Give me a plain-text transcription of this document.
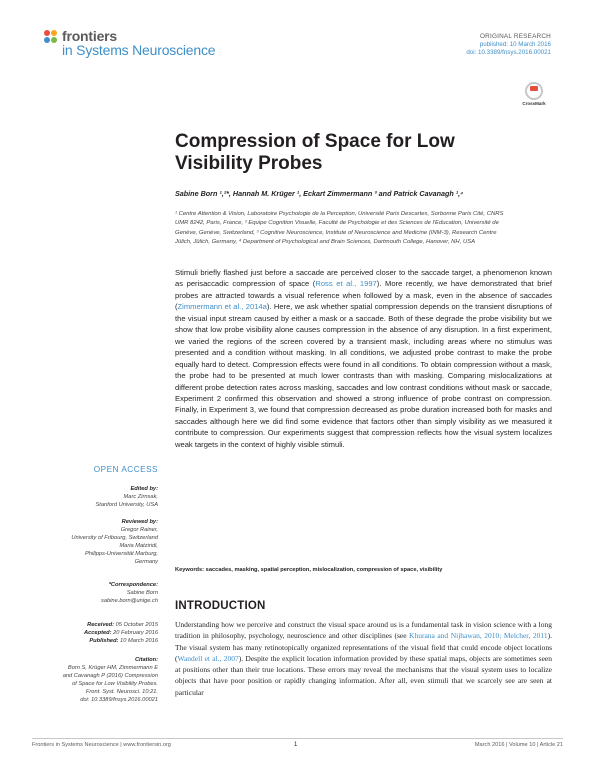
frontiers
in Systems Neuroscience
ORIGINAL RESEARCH
published: 10 March 2016
doi: 10.3389/fnsys.2016.00021
CrossMark
Compression of Space for Low
Visibility Probes
Sabine Born ¹,²*, Hannah M. Krüger ¹, Eckart Zimmermann ³ and Patrick Cavanagh ¹,⁴
¹ Centre Attention & Vision, Laboratoire Psychologie de la Perception, Université Paris Descartes, Sorbonne Paris Cité, CNRS
UMR 8242, Paris, France, ² Equipe Cognition Visuelle, Faculté de Psychologie et des Sciences de l'Education, Université de
Genève, Genève, Switzerland, ³ Cognitive Neuroscience, Institute of Neuroscience and Medicine (INM-3), Research Centre
Jülich, Jülich, Germany, ⁴ Department of Psychological and Brain Sciences, Dartmouth College, Hanover, NH, USA
Stimuli briefly flashed just before a saccade are perceived closer to the saccade target, a phenomenon known as perisaccadic compression of space (Ross et al., 1997). More recently, we have demonstrated that brief probes are attracted towards a visual reference when followed by a mask, even in the absence of saccades (Zimmermann et al., 2014a). Here, we ask whether spatial compression depends on the transient disruptions of the visual input stream caused by either a mask or a saccade. Both of these degrade the probe visibility but we show that low probe visibility alone causes compression in the absence of any disruption. In a first experiment, we varied the regions of the screen covered by a transient mask, including areas where no stimulus was presented and a condition without masking. In all conditions, we adjusted probe contrast to make the probe equally hard to detect. Compression effects were found in all conditions. To obtain compression without a mask, the probe had to be presented at much lower contrasts than with masking. Comparing mislocalizations at different probe detection rates across masking, saccades and low contrast conditions without mask or saccade, Experiment 2 confirmed this observation and showed a strong influence of probe contrast on compression. Finally, in Experiment 3, we found that compression decreased as probe duration increased both for masks and saccades although here we did find some evidence that factors other than simply visibility as we measured it contribute to compression. Our experiments suggest that compression reflects how the visual system localizes weak targets in the context of highly visible stimuli.
Keywords: saccades, masking, spatial perception, mislocalization, compression of space, visibility
INTRODUCTION
Understanding how we perceive and construct the visual space around us is a fundamental task in vision science with a long tradition in philosophy, psychology, neuroscience and other disciplines (see Khurana and Nijhawan, 2010; Melcher, 2011). The visual system has many retinotopically organized representations of the visual field that could encode object locations (Wandell et al., 2007). Despite the explicit location information provided by these spatial maps, objects are sometimes seen at positions other than their true locations. These errors may reveal the mechanisms that the visual system uses to localize objects that have poor position or rapidly changing information. After all, even stimuli that we scarcely see are seen at particular
OPEN ACCESS
Edited by:
Marc Zirnsak,
Stanford University, USA
Reviewed by:
Gregor Rainer,
University of Fribourg, Switzerland
Maria Matziridi,
Philipps-Universität Marburg,
Germany
*Correspondence:
Sabine Born
sabine.born@unige.ch
Received: 05 October 2015
Accepted: 20 February 2016
Published: 10 March 2016
Citation:
Born S, Krüger HM, Zimmermann E
and Cavanagh P (2016) Compression
of Space for Low Visibility Probes.
Front. Syst. Neurosci. 10:21.
doi: 10.3389/fnsys.2016.00021
Frontiers in Systems Neuroscience | www.frontiersin.org	1	March 2016 | Volume 10 | Article 21
